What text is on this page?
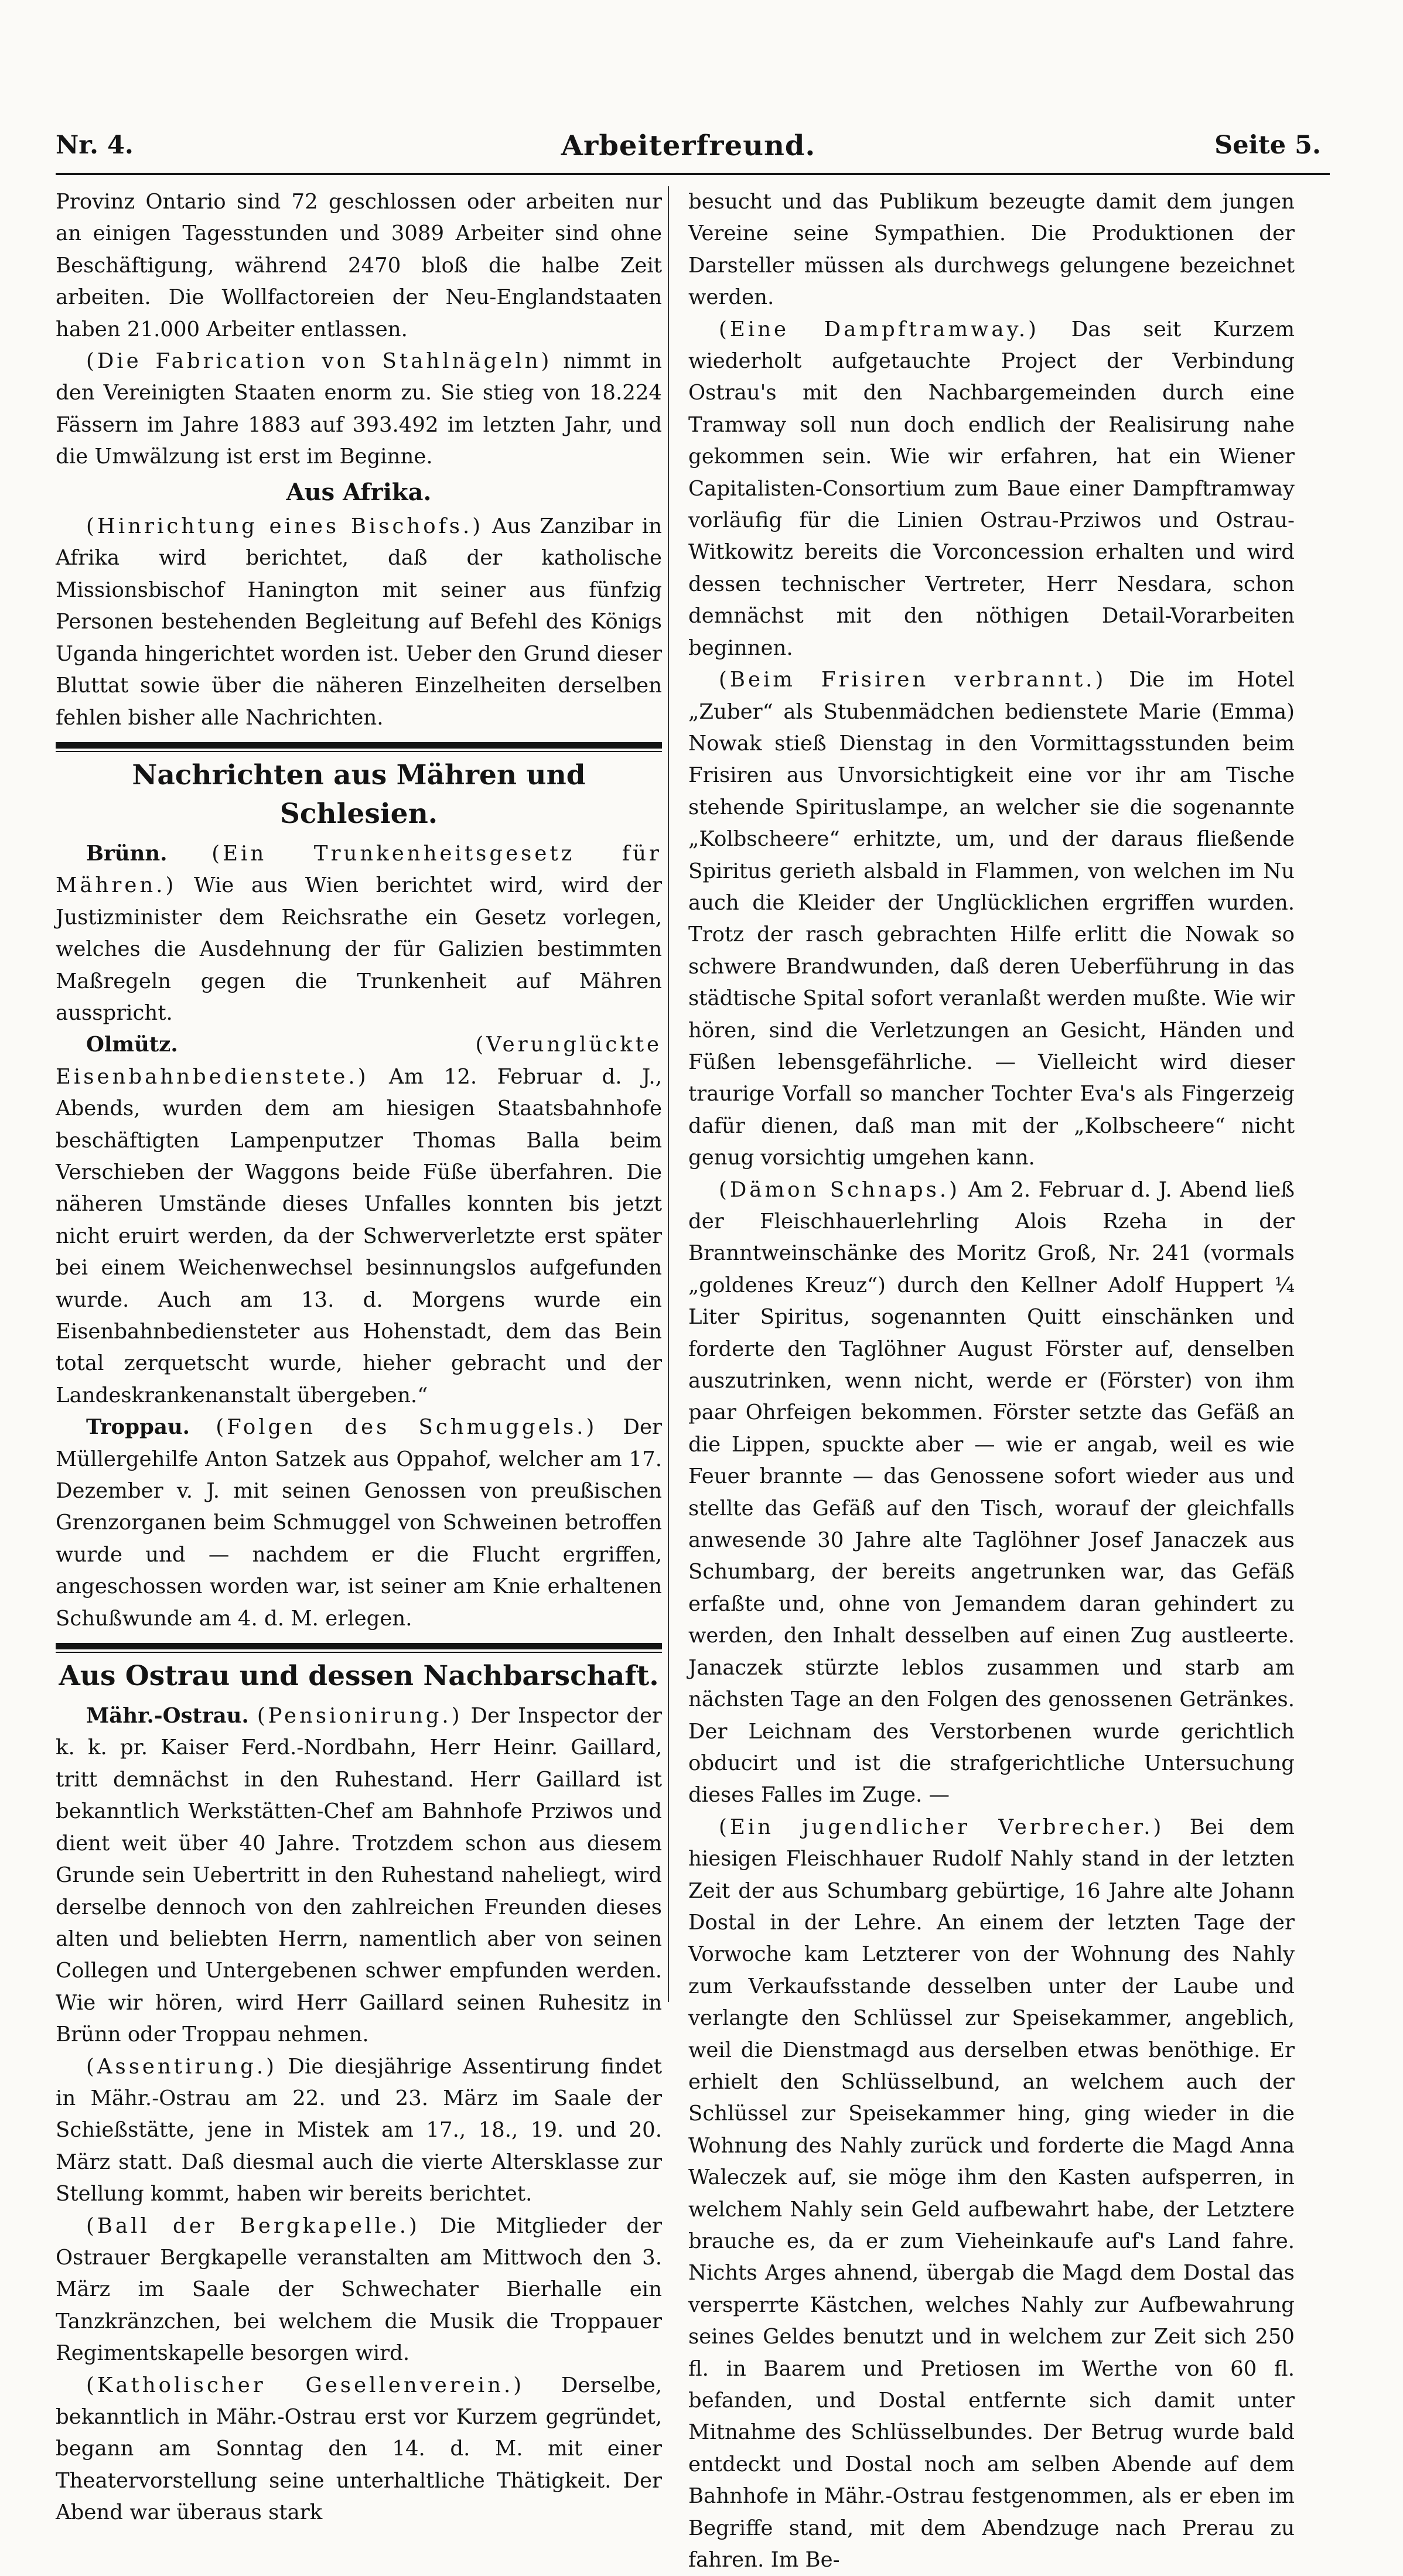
Nr. 4.	Arbeiterfreund.	Seite 5.

Provinz Ontario sind 72 geschlossen oder arbeiten nur an einigen Tagesstunden und 3089 Arbeiter sind ohne Beschäftigung, während 2470 bloß die halbe Zeit arbeiten. Die Wollfactoreien der Neu-Englandstaaten haben 21.000 Arbeiter entlassen.

(Die Fabrication von Stahlnägeln) nimmt in den Vereinigten Staaten enorm zu. Sie stieg von 18.224 Fässern im Jahre 1883 auf 393.492 im letzten Jahr, und die Umwälzung ist erst im Beginne.

Aus Afrika.

(Hinrichtung eines Bischofs.) Aus Zanzibar in Afrika wird berichtet, daß der katholische Missionsbischof Hanington mit seiner aus fünfzig Personen bestehenden Begleitung auf Befehl des Königs Uganda hingerichtet worden ist. Ueber den Grund dieser Bluttat sowie über die näheren Einzelheiten derselben fehlen bisher alle Nachrichten.

Nachrichten aus Mähren und Schlesien.

Brünn. (Ein Trunkenheitsgesetz für Mähren.) Wie aus Wien berichtet wird, wird der Justizminister dem Reichsrathe ein Gesetz vorlegen, welches die Ausdehnung der für Galizien bestimmten Maßregeln gegen die Trunkenheit auf Mähren ausspricht.

Olmütz.	(Verunglückte Eisenbahnbedienstete.) Am 12. Februar d. J., Abends, wurden dem am hiesigen Staatsbahnhofe beschäftigten Lampenputzer Thomas Balla beim Verschieben der Waggons beide Füße überfahren. Die näheren Umstände dieses Unfalles konnten bis jetzt nicht eruirt werden, da der Schwerverletzte erst später bei einem Weichenwechsel besinnungslos aufgefunden wurde. Auch am 13. d. Morgens wurde ein Eisenbahnbediensteter aus Hohenstadt, dem das Bein total zerquetscht wurde, hieher gebracht und der Landeskrankenanstalt übergeben.“

Troppau. (Folgen des Schmuggels.) Der Müllergehilfe Anton Satzek aus Oppahof, welcher am 17. Dezember v. J. mit seinen Genossen von preußischen Grenzorganen beim Schmuggel von Schweinen betroffen wurde und — nachdem er die Flucht ergriffen, angeschossen worden war, ist seiner am Knie erhaltenen Schußwunde am 4. d. M. erlegen.

Aus Ostrau und dessen Nachbarschaft.

Mähr.-Ostrau. (Pensionirung.) Der Inspector der k. k. pr. Kaiser Ferd.-Nordbahn, Herr Heinr. Gaillard, tritt demnächst in den Ruhestand. Herr Gaillard ist bekanntlich Werkstätten-Chef am Bahnhofe Prziwos und dient weit über 40 Jahre. Trotzdem schon aus diesem Grunde sein Uebertritt in den Ruhestand naheliegt, wird derselbe dennoch von den zahlreichen Freunden dieses alten und beliebten Herrn, namentlich aber von seinen Collegen und Untergebenen schwer empfunden werden. Wie wir hören, wird Herr Gaillard seinen Ruhesitz in Brünn oder Troppau nehmen.

(Assentirung.) Die diesjährige Assentirung findet in Mähr.-Ostrau am 22. und 23. März im Saale der Schießstätte, jene in Mistek am 17., 18., 19. und 20. März statt. Daß diesmal auch die vierte Altersklasse zur Stellung kommt, haben wir bereits berichtet.

(Ball der Bergkapelle.) Die Mitglieder der Ostrauer Bergkapelle veranstalten am Mittwoch den 3. März im Saale der Schwechater Bierhalle ein Tanzkränzchen, bei welchem die Musik die Troppauer Regimentskapelle besorgen wird.

(Katholischer Gesellenverein.) Derselbe, bekanntlich in Mähr.-Ostrau erst vor Kurzem gegründet, begann am Sonntag den 14. d. M. mit einer Theatervorstellung seine unterhaltliche Thätigkeit. Der Abend war überaus stark

besucht und das Publikum bezeugte damit dem jungen Vereine seine Sympathien. Die Produktionen der Darsteller müssen als durchwegs gelungene bezeichnet werden.

(Eine Dampftramway.) Das seit Kurzem wiederholt aufgetauchte Project der Verbindung Ostrau's mit den Nachbargemeinden durch eine Tramway soll nun doch endlich der Realisirung nahe gekommen sein. Wie wir erfahren, hat ein Wiener Capitalisten-Consortium zum Baue einer Dampftramway vorläufig für die Linien Ostrau-Prziwos und Ostrau-Witkowitz bereits die Vorconcession erhalten und wird dessen technischer Vertreter, Herr Nesdara, schon demnächst mit den nöthigen Detail-Vorarbeiten beginnen.

(Beim Frisiren verbrannt.) Die im Hotel „Zuber“ als Stubenmädchen bedienstete Marie (Emma) Nowak stieß Dienstag in den Vormittagsstunden beim Frisiren aus Unvorsichtigkeit eine vor ihr am Tische stehende Spirituslampe, an welcher sie die sogenannte „Kolbscheere“ erhitzte, um, und der daraus fließende Spiritus gerieth alsbald in Flammen, von welchen im Nu auch die Kleider der Unglücklichen ergriffen wurden. Trotz der rasch gebrachten Hilfe erlitt die Nowak so schwere Brandwunden, daß deren Ueberführung in das städtische Spital sofort veranlaßt werden mußte. Wie wir hören, sind die Verletzungen an Gesicht, Händen und Füßen lebensgefährliche. — Vielleicht wird dieser traurige Vorfall so mancher Tochter Eva's als Fingerzeig dafür dienen, daß man mit der „Kolbscheere“ nicht genug vorsichtig umgehen kann.

(Dämon Schnaps.) Am 2. Februar d. J. Abend ließ der Fleischhauerlehrling Alois Rzeha in der Branntweinschänke des Moritz Groß, Nr. 241 (vormals „goldenes Kreuz“) durch den Kellner Adolf Huppert ¼ Liter Spiritus, sogenannten Quitt einschänken und forderte den Taglöhner August Förster auf, denselben auszutrinken, wenn nicht, werde er (Förster) von ihm paar Ohrfeigen bekommen. Förster setzte das Gefäß an die Lippen, spuckte aber — wie er angab, weil es wie Feuer brannte — das Genossene sofort wieder aus und stellte das Gefäß auf den Tisch, worauf der gleichfalls anwesende 30 Jahre alte Taglöhner Josef Janaczek aus Schumbarg, der bereits angetrunken war, das Gefäß erfaßte und, ohne von Jemandem daran gehindert zu werden, den Inhalt desselben auf einen Zug austleerte. Janaczek stürzte leblos zusammen und starb am nächsten Tage an den Folgen des genossenen Getränkes. Der Leichnam des Verstorbenen wurde gerichtlich obducirt und ist die strafgerichtliche Untersuchung dieses Falles im Zuge. —

(Ein jugendlicher Verbrecher.) Bei dem hiesigen Fleischhauer Rudolf Nahly stand in der letzten Zeit der aus Schumbarg gebürtige, 16 Jahre alte Johann Dostal in der Lehre. An einem der letzten Tage der Vorwoche kam Letzterer von der Wohnung des Nahly zum Verkaufsstande desselben unter der Laube und verlangte den Schlüssel zur Speisekammer, angeblich, weil die Dienstmagd aus derselben etwas benöthige. Er erhielt den Schlüsselbund, an welchem auch der Schlüssel zur Speisekammer hing, ging wieder in die Wohnung des Nahly zurück und forderte die Magd Anna Waleczek auf, sie möge ihm den Kasten aufsperren, in welchem Nahly sein Geld aufbewahrt habe, der Letztere brauche es, da er zum Vieheinkaufe auf's Land fahre. Nichts Arges ahnend, übergab die Magd dem Dostal das versperrte Kästchen, welches Nahly zur Aufbewahrung seines Geldes benutzt und in welchem zur Zeit sich 250 fl. in Baarem und Pretiosen im Werthe von 60 fl. befanden, und Dostal entfernte sich damit unter Mitnahme des Schlüsselbundes. Der Betrug wurde bald entdeckt und Dostal noch am selben Abende auf dem Bahnhofe in Mähr.-Ostrau festgenommen, als er eben im Begriffe stand, mit dem Abendzuge nach Prerau zu fahren. Im Be-
